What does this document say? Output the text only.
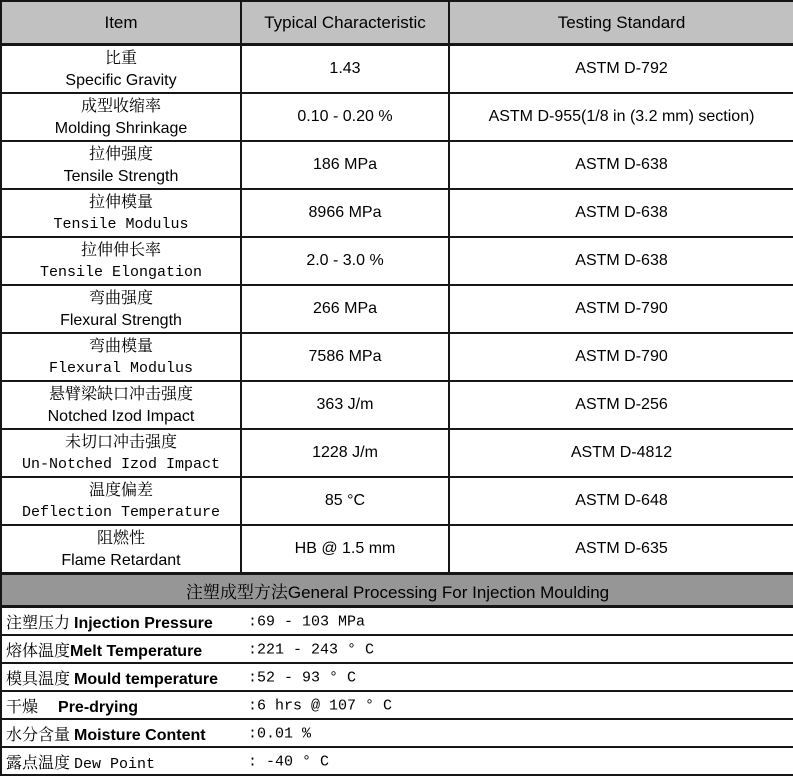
Item	Typical Characteristic	Testing Standard

比重
Specific Gravity	1.43	ASTM D-792

成型收缩率
Molding Shrinkage	0.10 - 0.20 %	ASTM D-955(1/8 in (3.2 mm) section)

拉伸强度
Tensile Strength	186 MPa	ASTM D-638

拉伸模量
Tensile Modulus	8966 MPa	ASTM D-638

拉伸伸长率
Tensile Elongation	2.0 - 3.0 %	ASTM D-638

弯曲强度
Flexural Strength	266 MPa	ASTM D-790

弯曲模量
Flexural Modulus	7586 MPa	ASTM D-790

悬臂梁缺口冲击强度
Notched Izod Impact	363 J/m	ASTM D-256

未切口冲击强度
Un-Notched Izod Impact	1228 J/m	ASTM D-4812

温度偏差
Deflection Temperature	85 °C	ASTM D-648

阻燃性
Flame Retardant	HB @ 1.5 mm	ASTM D-635
注塑成型方法General Processing For Injection Moulding		
注塑压力 Injection Pressure :69 - 103 MPa		
熔体温度Melt Temperature :221 - 243 ° C		
模具温度 Mould temperature :52 - 93 ° C		
干燥 Pre-drying :6 hrs @ 107 ° C		
水分含量 Moisture Content :0.01 %		
露点温度 Dew Point : -40 ° C		
